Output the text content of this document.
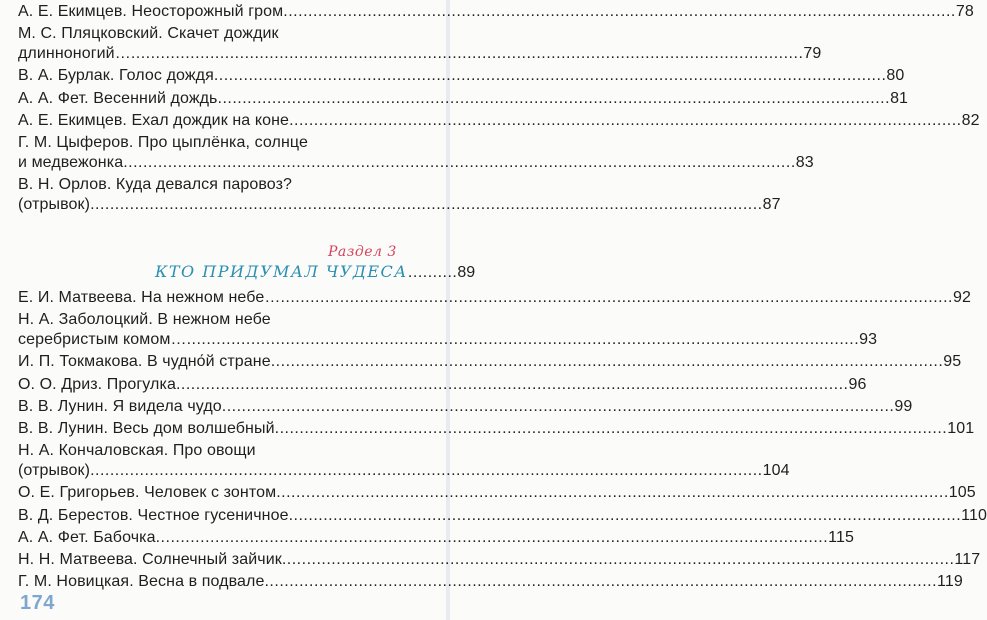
А. Е. Екимцев. Неосторожный гром .....	78
М. С. Пляцковский. Скачет дождик
длинноногий… .....	79
В. А. Бурлак. Голос дождя .....	80
А. А. Фет. Весенний дождь .....	81
А. Е. Екимцев. Ехал дождик на коне .....	82
Г. М. Цыферов. Про цыплёнка, солнце
и медвежонка .....	83
В. Н. Орлов. Куда девался паровоз?
(отрывок) .....	87
Раздел 3
КТО ПРИДУМАЛ ЧУДЕСА .......... 89
Е. И. Матвеева. На нежном небе… .....	92
Н. А. Заболоцкий. В нежном небе
серебристым комом… .....	93
И. П. Токмакова. В чудно́й стране .....	95
О. О. Дриз. Прогулка .....	96
В. В. Лунин. Я видела чудо .....	99
В. В. Лунин. Весь дом волшебный .....	101
Н. А. Кончаловская. Про овощи
(отрывок) .....	104
О. Е. Григорьев. Человек с зонтом .....	105
В. Д. Берестов. Честное гусеничное .....	110
А. А. Фет. Бабочка .....	115
Н. Н. Матвеева. Солнечный зайчик .....	117
Г. М. Новицкая. Весна в подвале .....	119
174
